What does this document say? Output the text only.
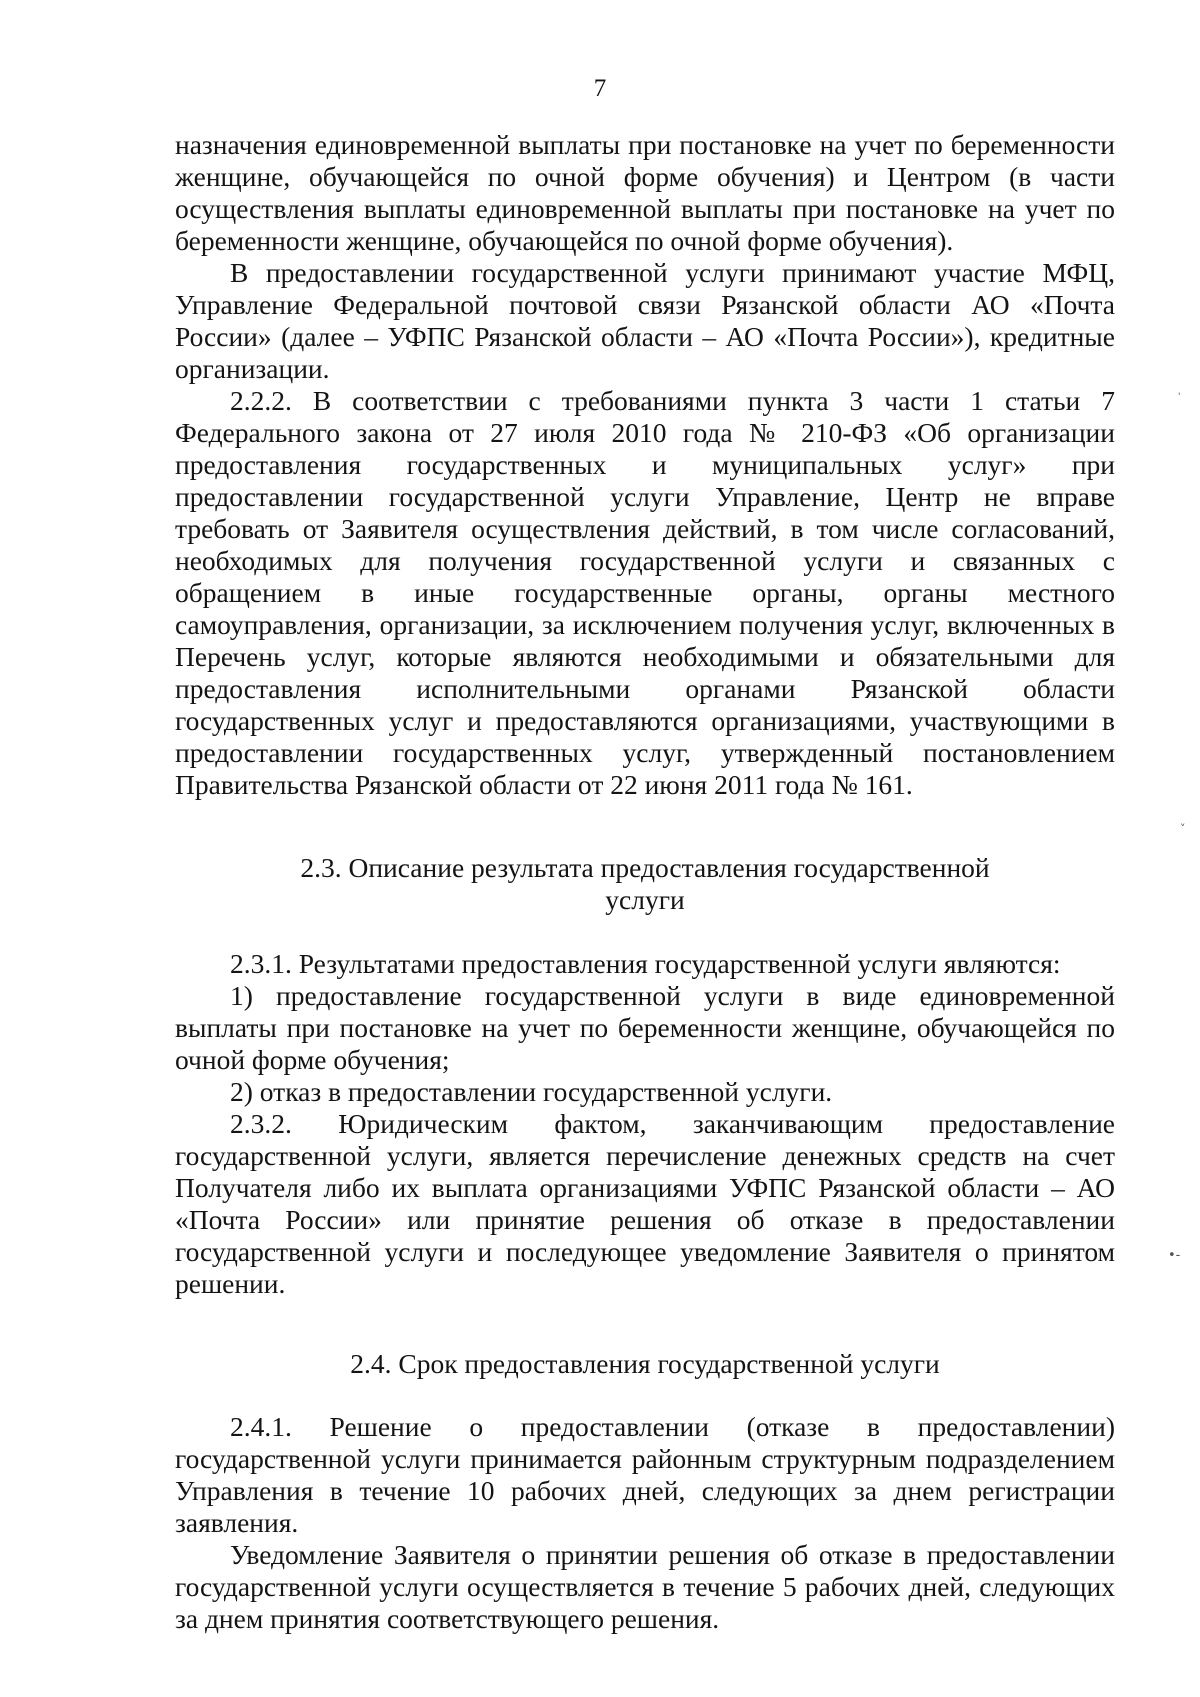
7

назначения единовременной выплаты при постановке на учет по беременности женщине, обучающейся по очной форме обучения) и Центром (в части осуществления выплаты единовременной выплаты при постановке на учет по беременности женщине, обучающейся по очной форме обучения).

В предоставлении государственной услуги принимают участие МФЦ, Управление Федеральной почтовой связи Рязанской области АО «Почта России» (далее – УФПС Рязанской области – АО «Почта России»), кредитные организации.

2.2.2. В соответствии с требованиями пункта 3 части 1 статьи 7 Федерального закона от 27 июля 2010 года № 210-ФЗ «Об организации предоставления государственных и муниципальных услуг» при предоставлении государственной услуги Управление, Центр не вправе требовать от Заявителя осуществления действий, в том числе согласований, необходимых для получения государственной услуги и связанных с обращением в иные государственные органы, органы местного самоуправления, организации, за исключением получения услуг, включенных в Перечень услуг, которые являются необходимыми и обязательными для предоставления исполнительными органами Рязанской области государственных услуг и предоставляются организациями, участвующими в предоставлении государственных услуг, утвержденный постановлением Правительства Рязанской области от 22 июня 2011 года № 161.

2.3. Описание результата предоставления государственной
услуги

2.3.1. Результатами предоставления государственной услуги являются:

1) предоставление государственной услуги в виде единовременной выплаты при постановке на учет по беременности женщине, обучающейся по очной форме обучения;

2) отказ в предоставлении государственной услуги.

2.3.2. Юридическим фактом, заканчивающим предоставление государственной услуги, является перечисление денежных средств на счет Получателя либо их выплата организациями УФПС Рязанской области – АО «Почта России» или принятие решения об отказе в предоставлении государственной услуги и последующее уведомление Заявителя о принятом решении.

2.4. Срок предоставления государственной услуги

2.4.1. Решение о предоставлении (отказе в предоставлении) государственной услуги принимается районным структурным подразделением Управления в течение 10 рабочих дней, следующих за днем регистрации заявления.

Уведомление Заявителя о принятии решения об отказе в предоставлении государственной услуги осуществляется в течение 5 рабочих дней, следующих за днем принятия соответствующего решения.

'
˅
•-
